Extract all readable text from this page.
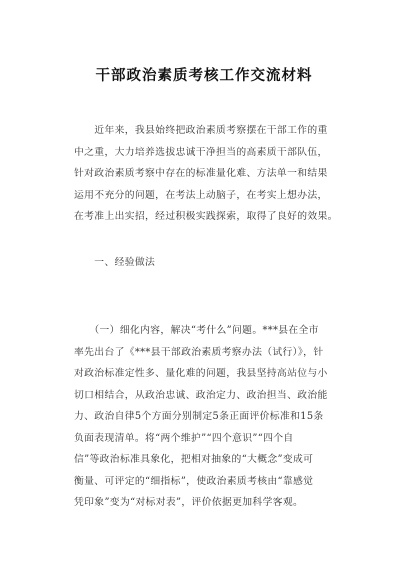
干部政治素质考核工作交流材料
　　近年来，我县始终把政治素质考察摆在干部工作的重
中之重，大力培养选拔忠诚干净担当的高素质干部队伍，
针对政治素质考察中存在的标准量化难、方法单一和结果
运用不充分的问题，在考法上动脑子，在考实上想办法，
在考准上出实招，经过积极实践探索，取得了良好的效果。
　　一、经验做法
　　（一）细化内容，解决“考什么”问题。***县在全市
率先出台了《***县干部政治素质考察办法（试行）》，针
对政治标准定性多、量化难的问题，我县坚持高站位与小
切口相结合，从政治忠诚、政治定力、政治担当、政治能
力、政治自律5个方面分别制定5条正面评价标准和15条
负面表现清单。将“两个维护”“四个意识”“四个自
信”等政治标准具象化，把相对抽象的“大概念”变成可
衡量、可评定的“细指标”，使政治素质考核由“靠感觉
凭印象”变为“对标对表”，评价依据更加科学客观。
